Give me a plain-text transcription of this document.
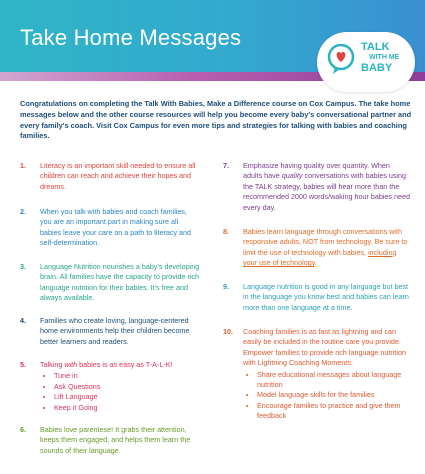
Take Home Messages	TALK
WITH ME
BABY

Congratulations on completing the Talk With Babies, Make a Difference course on Cox Campus. The take home messages below and the other course resources will help you become every baby's conversational partner and every family's coach. Visit Cox Campus for even more tips and strategies for talking with babies and coaching families.

1.	Literacy is an important skill needed to ensure all children can reach and achieve their hopes and dreams.
2.	When you talk with babies and coach families, you are an important part in making sure all babies leave your care on a path to literacy and self-determination.
3.	Language Nutrition nourishes a baby's developing brain. All families have the capacity to provide rich language nutrition for their babies. It's free and always available.
4.	Families who create loving, language-centered home environments help their children become better learners and readers.
5.	Talking with babies is as easy as T-A-L-K!
• Tune in
• Ask Questions
• Lift Language
• Keep it Going
6.	Babies love parentese! It grabs their attention, keeps them engaged, and helps them learn the sounds of their language.
7.	Emphasize having quality over quantity. When adults have quality conversations with babies using the TALK strategy, babies will hear more than the recommended 2000 words/waking hour babies need every day.
8.	Babies learn language through conversations with responsive adults, NOT from technology. Be sure to limit the use of technology with babies, including your use of technology.
9.	Language nutrition is good in any language but best in the language you know best and babies can learn more than one language at a time.
10.	Coaching families is as fast as lightning and can easily be included in the routine care you provide. Empower families to provide rich language nutrition with Lightning Coaching Moments:
• Share educational messages about language nutrition
• Model language skills for the families
• Encourage families to practice and give them feedback
